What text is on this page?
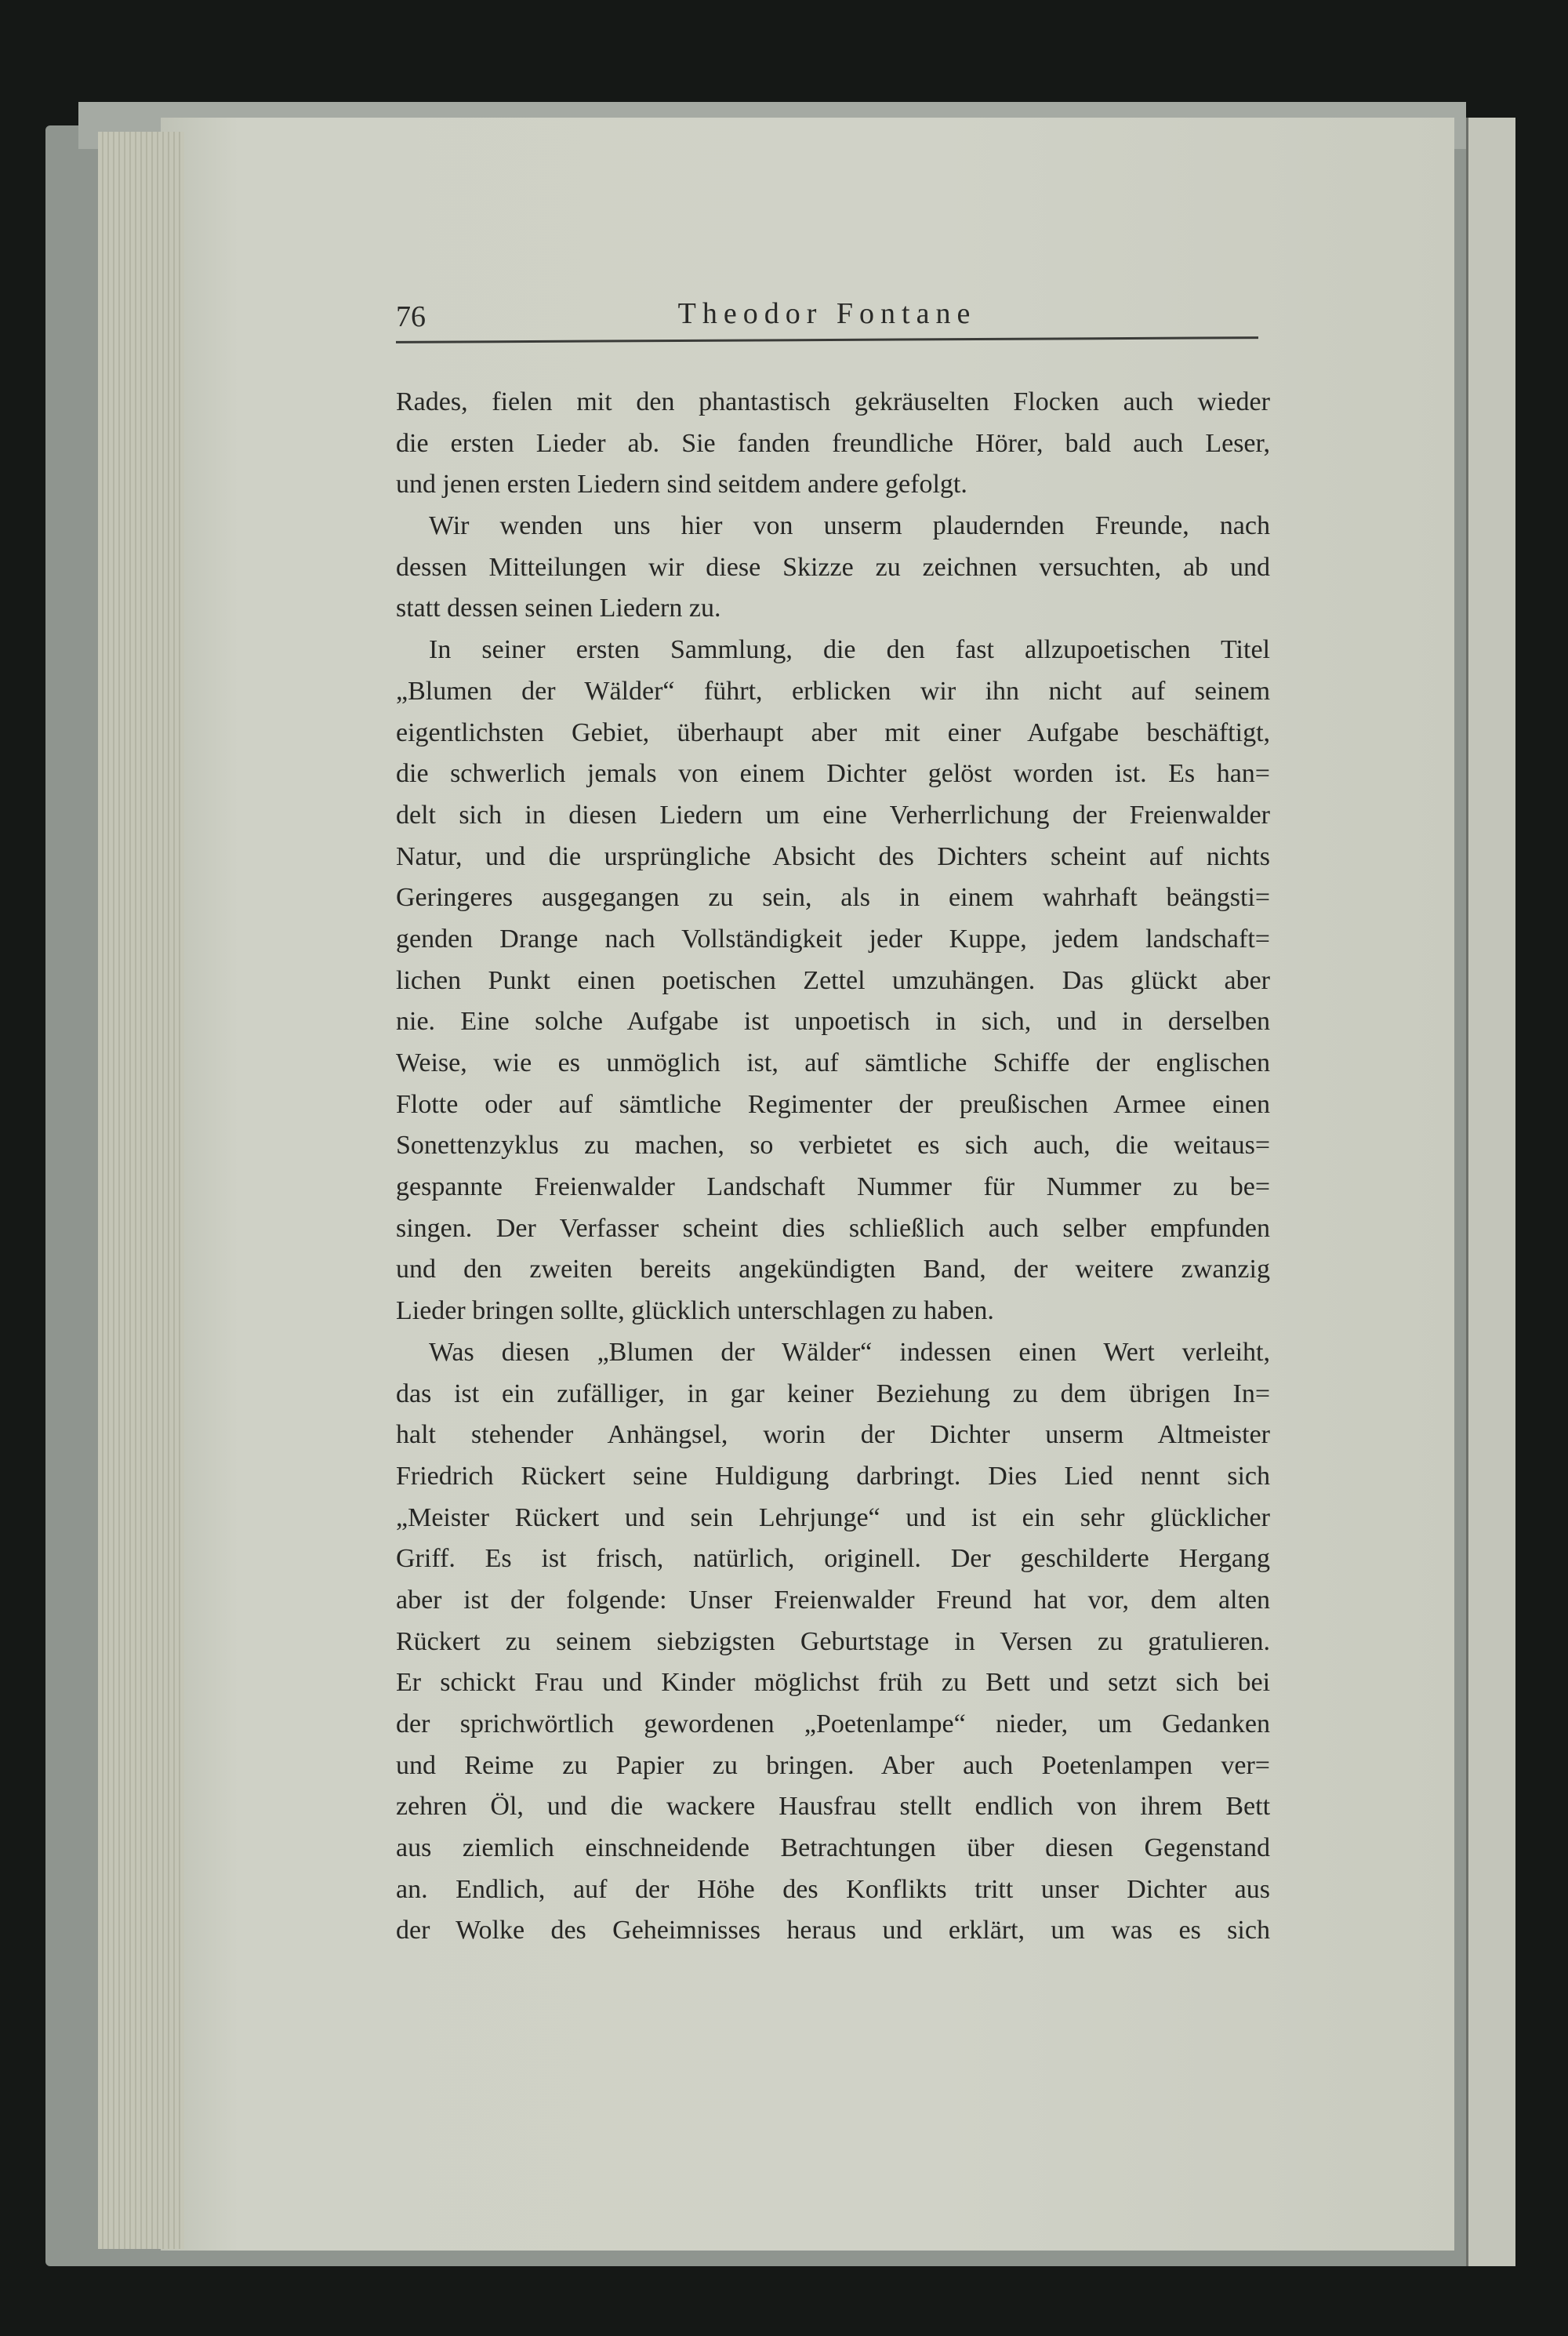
76	Theodor Fontane
Rades, fielen mit den phantastisch gekräuselten Flocken auch wieder
die ersten Lieder ab. Sie fanden freundliche Hörer, bald auch Leser,
und jenen ersten Liedern sind seitdem andere gefolgt.
Wir wenden uns hier von unserm plaudernden Freunde, nach
dessen Mitteilungen wir diese Skizze zu zeichnen versuchten, ab und
statt dessen seinen Liedern zu.
In seiner ersten Sammlung, die den fast allzupoetischen Titel
„Blumen der Wälder“ führt, erblicken wir ihn nicht auf seinem
eigentlichsten Gebiet, überhaupt aber mit einer Aufgabe beschäftigt,
die schwerlich jemals von einem Dichter gelöst worden ist. Es han=
delt sich in diesen Liedern um eine Verherrlichung der Freienwalder
Natur, und die ursprüngliche Absicht des Dichters scheint auf nichts
Geringeres ausgegangen zu sein, als in einem wahrhaft beängsti=
genden Drange nach Vollständigkeit jeder Kuppe, jedem landschaft=
lichen Punkt einen poetischen Zettel umzuhängen. Das glückt aber
nie. Eine solche Aufgabe ist unpoetisch in sich, und in derselben
Weise, wie es unmöglich ist, auf sämtliche Schiffe der englischen
Flotte oder auf sämtliche Regimenter der preußischen Armee einen
Sonettenzyklus zu machen, so verbietet es sich auch, die weitaus=
gespannte Freienwalder Landschaft Nummer für Nummer zu be=
singen. Der Verfasser scheint dies schließlich auch selber empfunden
und den zweiten bereits angekündigten Band, der weitere zwanzig
Lieder bringen sollte, glücklich unterschlagen zu haben.
Was diesen „Blumen der Wälder“ indessen einen Wert verleiht,
das ist ein zufälliger, in gar keiner Beziehung zu dem übrigen In=
halt stehender Anhängsel, worin der Dichter unserm Altmeister
Friedrich Rückert seine Huldigung darbringt. Dies Lied nennt sich
„Meister Rückert und sein Lehrjunge“ und ist ein sehr glücklicher
Griff. Es ist frisch, natürlich, originell. Der geschilderte Hergang
aber ist der folgende: Unser Freienwalder Freund hat vor, dem alten
Rückert zu seinem siebzigsten Geburtstage in Versen zu gratulieren.
Er schickt Frau und Kinder möglichst früh zu Bett und setzt sich bei
der sprichwörtlich gewordenen „Poetenlampe“ nieder, um Gedanken
und Reime zu Papier zu bringen. Aber auch Poetenlampen ver=
zehren Öl, und die wackere Hausfrau stellt endlich von ihrem Bett
aus ziemlich einschneidende Betrachtungen über diesen Gegenstand
an. Endlich, auf der Höhe des Konflikts tritt unser Dichter aus
der Wolke des Geheimnisses heraus und erklärt, um was es sich
